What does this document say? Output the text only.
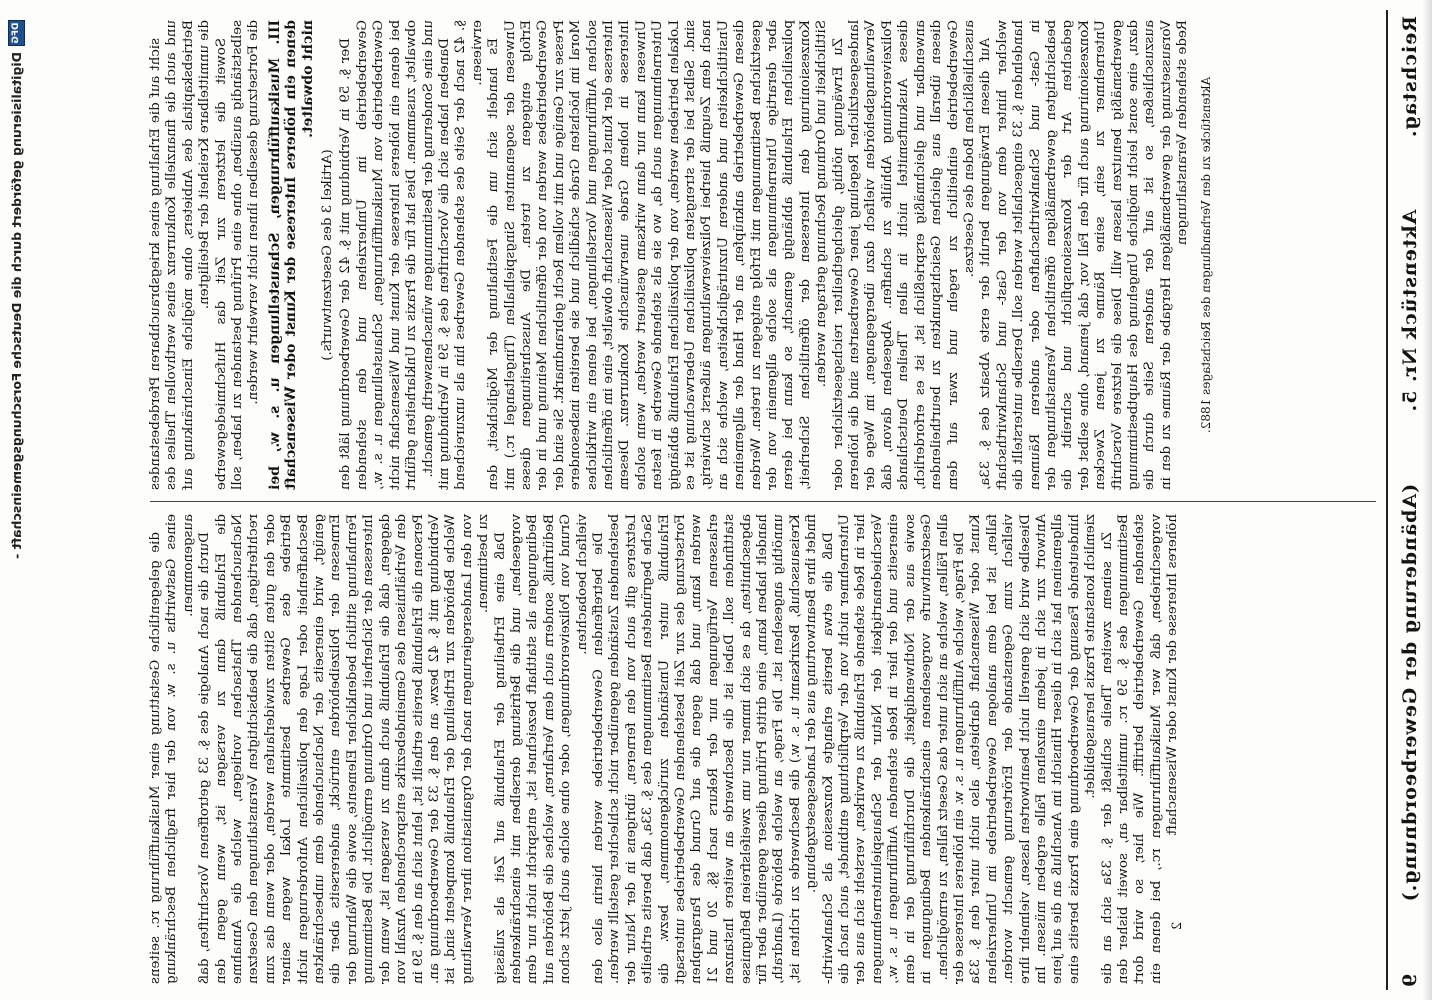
Reichstag.
Aktenstück Nr. 5.
(Abänderung der Gewerbeordnung.)
9

sicht auf die Erhaltung eines kriegsbrauchbaren Pferdebestandes und auch die finanzielle Konkurrenz eines werthvollen Theiles des Betriebskapitals des Anbieters, ohne mögliche Einschränkung auf die unmittelbare Kreisheit der Beteiligten. Soweit die letzteren zur Zeit das Hufschmiedegewerbe selbstständig ausüben, ohne eine Prüfung bestanden zu haben, soll die Fortsetzung desselben ihnen nicht verwehrt werden. III. Musikaufführungen, Schaustellungen u. s. w., bei denen ein höheres Interesse der Kunst oder Wissenschaft nicht obwaltet.

(Artikel 3 des Gesetzentwurfs.) Der §. 59 in Verbindung mit §. 42 der Gewerbeordnung läßt den Gewerbebetrieb im Umherziehen und den stehenden Gewerbebetrieb von Musikaufführungen, Schaustellungen u. s. w., bei denen ein höheres Interesse der Kunst und Wissenschaft nicht obwaltet, zusammen. Dies hat für die Praxis zu Unklarheiten geführt und eine Sonderung der Bestimmungen wünschenswerth gemacht. Daneben haben sich die Vorschriften des §. 59 in Verbindung mit §. 42 nach der Seite des stehenden Gewerbes hin als unzureichend erwiesen. Es handelt sich um die Festhaltung der Möglichkeit, den Unwesen der sogenannten Singspielhallen (Tingeltangel rc.) mit Erfolg entgegen zu treten. Die Ausschreitungen dieses Gewerbebetriebes werden von der öffentlichen Meinung und in der Presse zur Genüge und mit vollem Recht gebrandmarkt. Sie sind der Moral im höchsten Grade schädlich und sie bereiten insbesondere solchen Aufführungen und Vorstellungen, bei denen ein wirkliches Interesse der Kunst oder Wissenschaft obwaltet, eine im öffentlichen Interesse in hohem Grade unerwünschte Konkurrenz. Diesem Unwesen kann nur dann wirksam gesteuert werden, wenn solche Unternehmungen auch da, wo sie als stehende Gewerbe in festen Lokalen betrieben werden, von der polizeilichen Erlaubniß abhängig sind. Selbst bei der strengsten polizeilichen Ueberwachung ist es nach dem Zeugniß hierbei Polizeiverwaltungen äußerst schwierig, Unsittlichkeiten und anderen Unzuträglichkeiten, welche sich an diesen Gewerbebetrieb anknüpfen, an der Hand der allgemeinen gesetzlichen Bestimmungen mit Erfolg entgegen zu treten. Werden aber derartige Unternehmungen als solche allgemein von der polizeilichen Erlaubniß abhängig gemacht, so kann bei deren Konzessionirung den Interessen der öffentlichen Sicherheit, Sittlichkeit und Ordnung Rechnung getragen werden. Zu Erwägung nöthig, gleichgetheilter reichsgesetzlicher oder landesgesetzlicher Regelung jener Gewerbsarten sind die höheren Verwaltungsbehörden vielfach dazu übergegangen, im Wege der Polizeiverordnung Abhülfe zu schaffen. Abgesehen davon, daß dieses Auskunftsmittel nicht in allen Theilen Deutschlands anwendbar und gleichmäßig ersprießlich ist, ist es erforderlich, diesen überall aus gleichen Gesichtspunkten zu beurtheilenden Gewerbebetrieb einheitlich zu regeln und zwar auf dem ausschließlichen Boden des Gesetzes. Auf diesen Erwägungen beruht der erste Absatz des §. 33a, welcher hinter dem von der Gast- und Schankwirthschaft handelnden §. 33 eingeschaltet werden soll. Derselbe unterstellt die in Gast- und Schankwirthschaften oder anderen Räumen beabsichtigten gewerbsmäßigen öffentlichen Veranstaltungen der gedachten Art der Konzessionspflicht und schreibt die Konzessionirung auch für den Fall vor, daß jemand, ohne selbst der Unternehmer zu sein, seine Räume zu jenen Zwecken gewerbsmäßig benutzen lassen will. Diese die letztere Vorschrift dazu, eine sonst leicht mögliche Umgehung des Hauptbestimmung auszuschließen, so ist auf der anderen Seite durch die Voraussetzung der gewerbsmäßigen Hergabe der Räume zu den in Rede stehenden Veranstaltungen Aktenstücke zu den Verhandlungen des Reichstages 1882.

die gelegentliche Gestattung einer Musikaufführung rc. seitens eines Gastwirths u. s. w. von der hier fraglichen Beschränkung ausgenommen. Durch die nach Analogie des §. 33 getroffenen Vorschriften, daß die Erlaubniß dann zu versagen ist, wenn gegen den Nachsuchenden Thatsachen vorliegen, welche die Annahme rechtfertigen, daß die beabsichtigten Veranstaltungen den Gesetzen oder den guten Sitten zuwiderlaufen werden, oder wenn das zum Betriebe des Gewerbes bestimmte Lokal wegen seiner Beschaffenheit oder Lage den polizeilichen Anforderungen nicht genügt, wird einerseits der Nachsuchende dem unbeschränkten Ermessen der Polizeibehörden entrückt, andererseits aber die Fernhaltung sittlich bedenklicher Elemente, sowie die Wahrung der Interessen der Sicherheit und Ordnung ermöglicht. Die Bestimmung dagegen, daß die Erlaubniß auch dann zu versagen ist, wenn der den Verhältnissen des Gemeindebezirks entsprechenden Anzahl von Personen die Erlaubniß bereits ertheilt ist, lehnt sich an den §. 59 in Verbindung mit §. 42 bezw. an den §. 33 der Gewerbeordnung an. Welche Behörden zur Ertheilung der Erlaubniß kompetent sind, ist von den Landesregierungen nach der Organisation ihrer Verwaltung zu bestimmen. Daß eine Ertheilung der Erlaubniß auf Zeit als zulässig vorgesehen, und die Befristung derselben mit einschränkenden Bedingungen als statthaft bezeichnet ist, entspricht nicht nur dem Bedürfniß, sondern auch dem Verfahren, welches die Behörden auf Grund von Polizeiverordnungen, oder ohne solche auch jetzt schon vielfach beobachten. Die betreffenden Gewerbebetriebe werden hierin also den bestehenden Zuständen gegenüber nicht schlechter gestellt werden. Letzteres gilt auch von den ferneren, übrigens in der Natur der Sache begründeten Bestimmungen des §. 33a, daß bereits ertheilte Erlaubniß unter Umständen zurückgenommen, bezw. die Fortsetzung des zur Zeit bestehenden Gewerbebetriebes untersagt werden kann, und daß gegen die auf Grund des Paragraphen erlassenen Verfügungen nur der Rekurs nach §§. 20 und 21 stattfinden soll. Dabei ist die Beschwerde an weitere Instanzen abgeschnitten, da es sich immer nur um zweifelsfreien Befugnisse handelt haben kann, eine dritte Prüfung dieser gegenüber aber für unnöthig angesehen ist. Die Frage, an welche Behörde (Landrath, Kreisausschuß, Bezirksamt u. s. w.) die Beschwerde zu richten ist, findet ihre Beantwortung aus der Landesgesetzgebung. Daß die etwa bereits erlangte Konzession als Schankwirth-Unternehmer nicht von der Verpflichtung entbindet, auch nach die hier in Rede stehende Erlaubniß zu erwirken, versteht sich aus der Verschiedenartigkeit der Natur der Schauspielunternehmungen einerseits und der hier in Rede stehenden Aufführungen u. s. w., sowie aus der Nothwendigkeit, die Durchführung der in dem Gesetzentwurfe vorgesehenen einschränkenden Bedingungen in allen Fällen, welche an sich unter das Gesetz fallen, zu ermöglichen. Die Frage, welche Aufführungen u. s. w. ein höheres Interesse der Kunst oder Wissenschaft darbieten, also nicht unter den §. 33a fallen, ist bei dem analogen Gewerbebetriebe im Umherziehen vielfach zum Gegenstande der Erörterung gemacht worden. Dieselbe wird sich generell nicht beantworten lassen, vielmehr ihre Antwort zur sich in jedem einzelnen Falle ergeben müssen. Im allgemeinen hat sich in dieser Hinsicht im Anschluß an die auf jene hindeutende Fassung der Gewerbeordnung eine Praxis bereits eine ziemlich konstante Praxis herausgebildet. Zu seinem zweiten Theile schließt der §. 33a sich an die Bestimmungen des §. 59 rc. unmittelbar an, soweit bisher den stehenden Gewerbebetrieb betrifft. Wie hier, so wird dort vorgeschrieben, daß wer Musikaufführungen rc., bei denen ein höheres Interesse der Kunst oder Wissenschaft

2
DFG
Digitalisierung gefördert durch die Deutsche Forschungsgemeinschaft -
